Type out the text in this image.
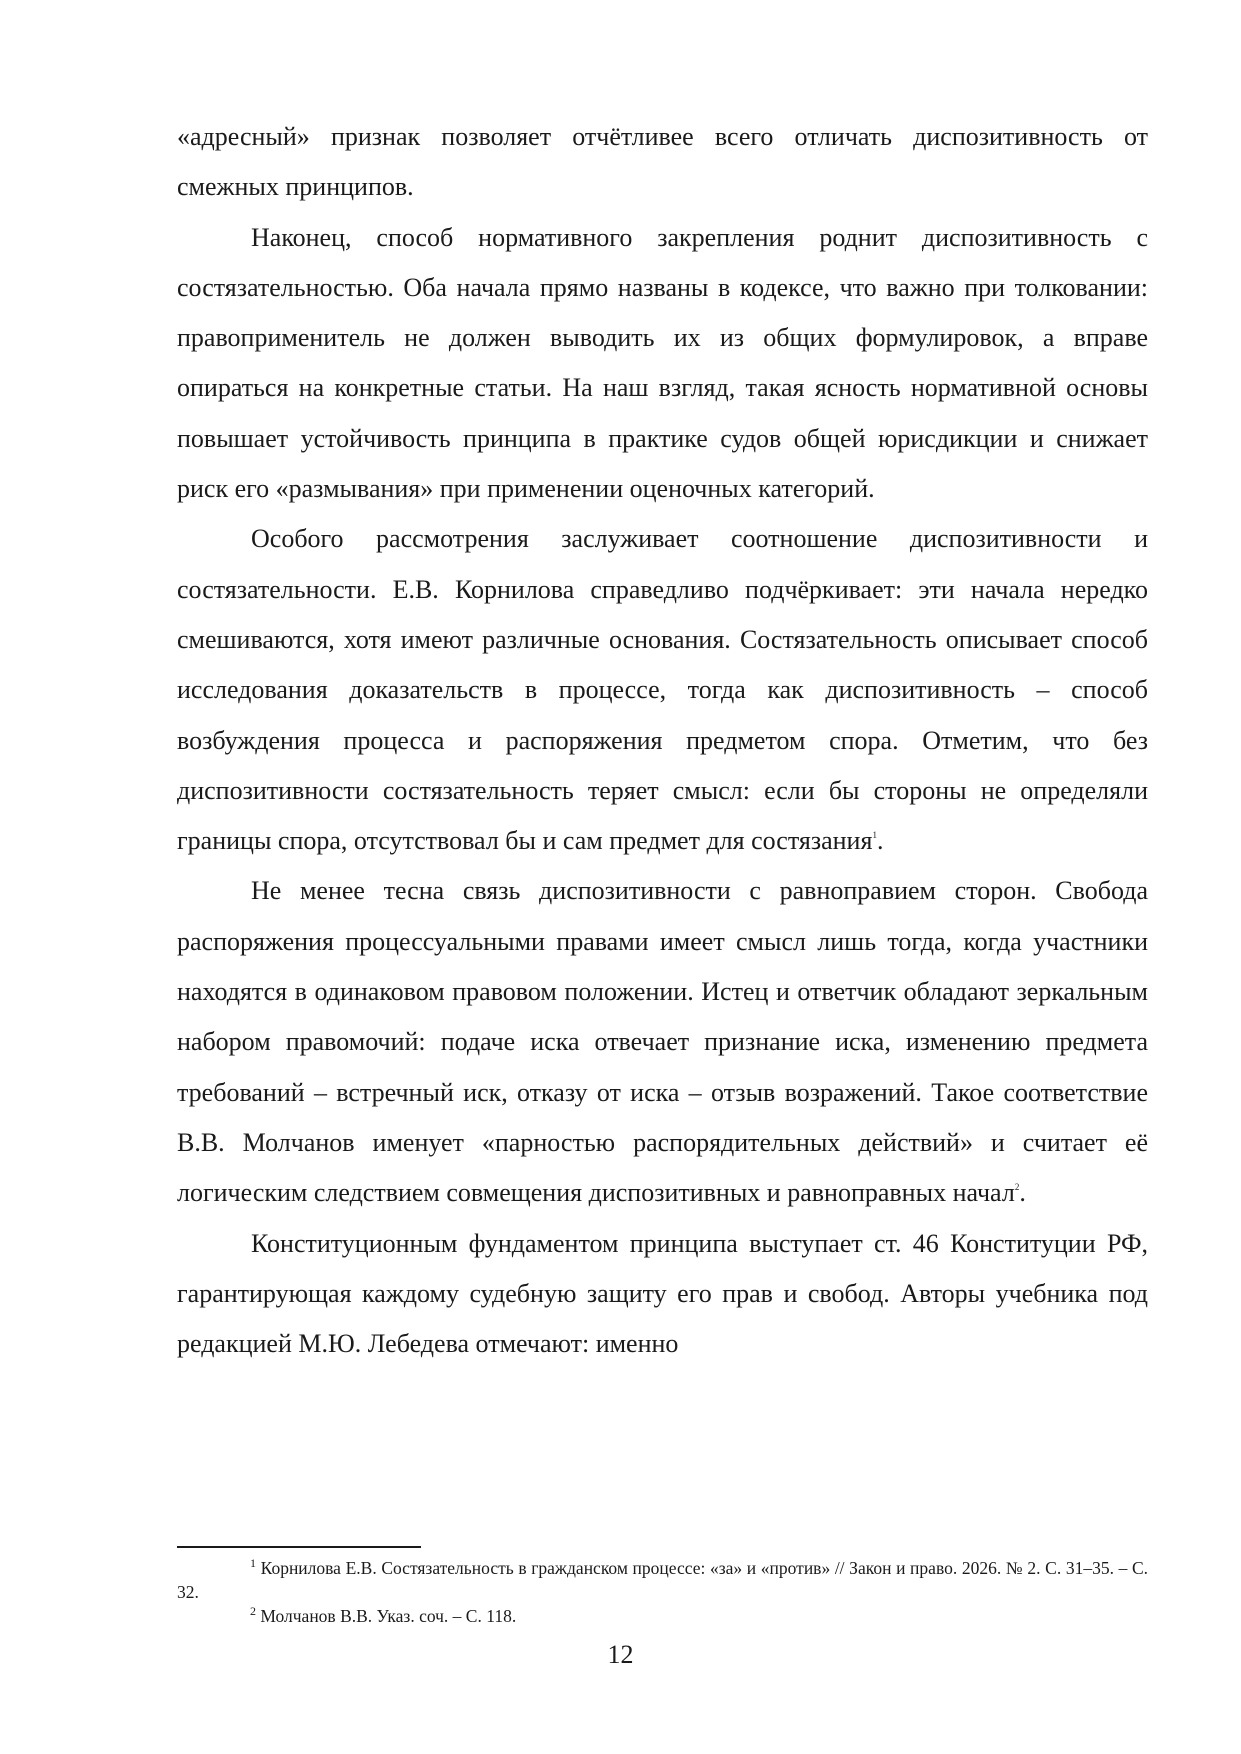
«адресный» признак позволяет отчётливее всего отличать диспозитивность от смежных принципов.

Наконец, способ нормативного закрепления роднит диспозитивность с состязательностью. Оба начала прямо названы в кодексе, что важно при толковании: правоприменитель не должен выводить их из общих формулировок, а вправе опираться на конкретные статьи. На наш взгляд, такая ясность нормативной основы повышает устойчивость принципа в практике судов общей юрисдикции и снижает риск его «размывания» при применении оценочных категорий.

Особого рассмотрения заслуживает соотношение диспозитивности и состязательности. Е.В. Корнилова справедливо подчёркивает: эти начала нередко смешиваются, хотя имеют различные основания. Состязательность описывает способ исследования доказательств в процессе, тогда как диспозитивность – способ возбуждения процесса и распоряжения предметом спора. Отметим, что без диспозитивности состязательность теряет смысл: если бы стороны не определяли границы спора, отсутствовал бы и сам предмет для состязания$^1$.

Не менее тесна связь диспозитивности с равноправием сторон. Свобода распоряжения процессуальными правами имеет смысл лишь тогда, когда участники находятся в одинаковом правовом положении. Истец и ответчик обладают зеркальным набором правомочий: подаче иска отвечает признание иска, изменению предмета требований – встречный иск, отказу от иска – отзыв возражений. Такое соответствие В.В. Молчанов именует «парностью распорядительных действий» и считает её логическим следствием совмещения диспозитивных и равноправных начал$^2$.

Конституционным фундаментом принципа выступает ст. 46 Конституции РФ, гарантирующая каждому судебную защиту его прав и свобод. Авторы учебника под редакцией М.Ю. Лебедева отмечают: именно

$^1$ Корнилова Е.В. Состязательность в гражданском процессе: «за» и «против» // Закон и право. 2026. № 2. С. 31–35. – С. 32.

$^2$ Молчанов В.В. Указ. соч. – С. 118.

12
